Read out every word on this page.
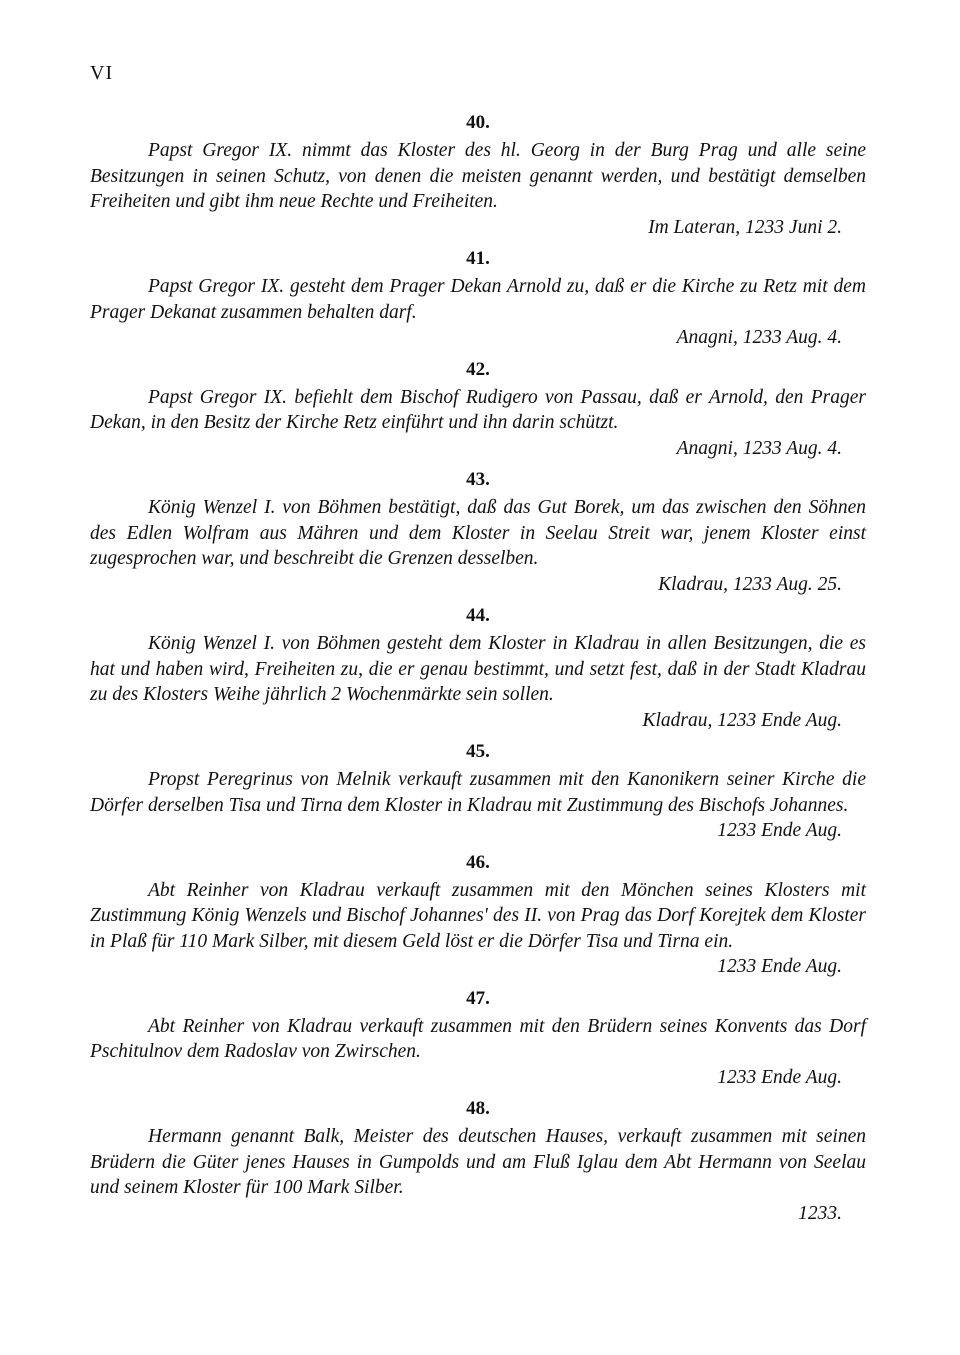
VI
40.

Papst Gregor IX. nimmt das Kloster des hl. Georg in der Burg Prag und alle seine Besitzungen in seinen Schutz, von denen die meisten genannt werden, und bestätigt demselben Freiheiten und gibt ihm neue Rechte und Freiheiten.

Im Lateran, 1233 Juni 2.

41.

Papst Gregor IX. gesteht dem Prager Dekan Arnold zu, daß er die Kirche zu Retz mit dem Prager Dekanat zusammen behalten darf.

Anagni, 1233 Aug. 4.

42.

Papst Gregor IX. befiehlt dem Bischof Rudigero von Passau, daß er Arnold, den Prager Dekan, in den Besitz der Kirche Retz einführt und ihn darin schützt.

Anagni, 1233 Aug. 4.

43.

König Wenzel I. von Böhmen bestätigt, daß das Gut Borek, um das zwischen den Söhnen des Edlen Wolfram aus Mähren und dem Kloster in Seelau Streit war, jenem Kloster einst zugesprochen war, und beschreibt die Grenzen desselben.

Kladrau, 1233 Aug. 25.

44.

König Wenzel I. von Böhmen gesteht dem Kloster in Kladrau in allen Besitzungen, die es hat und haben wird, Freiheiten zu, die er genau bestimmt, und setzt fest, daß in der Stadt Kladrau zu des Klosters Weihe jährlich 2 Wochenmärkte sein sollen.

Kladrau, 1233 Ende Aug.

45.

Propst Peregrinus von Melnik verkauft zusammen mit den Kanonikern seiner Kirche die Dörfer derselben Tisa und Tirna dem Kloster in Kladrau mit Zustimmung des Bischofs Johannes.

1233 Ende Aug.

46.

Abt Reinher von Kladrau verkauft zusammen mit den Mönchen seines Klosters mit Zustimmung König Wenzels und Bischof Johannes' des II. von Prag das Dorf Korejtek dem Kloster in Plaß für 110 Mark Silber, mit diesem Geld löst er die Dörfer Tisa und Tirna ein.

1233 Ende Aug.

47.

Abt Reinher von Kladrau verkauft zusammen mit den Brüdern seines Konvents das Dorf Pschitulnov dem Radoslav von Zwirschen.

1233 Ende Aug.

48.

Hermann genannt Balk, Meister des deutschen Hauses, verkauft zusammen mit seinen Brüdern die Güter jenes Hauses in Gumpolds und am Fluß Iglau dem Abt Hermann von Seelau und seinem Kloster für 100 Mark Silber.

1233.
